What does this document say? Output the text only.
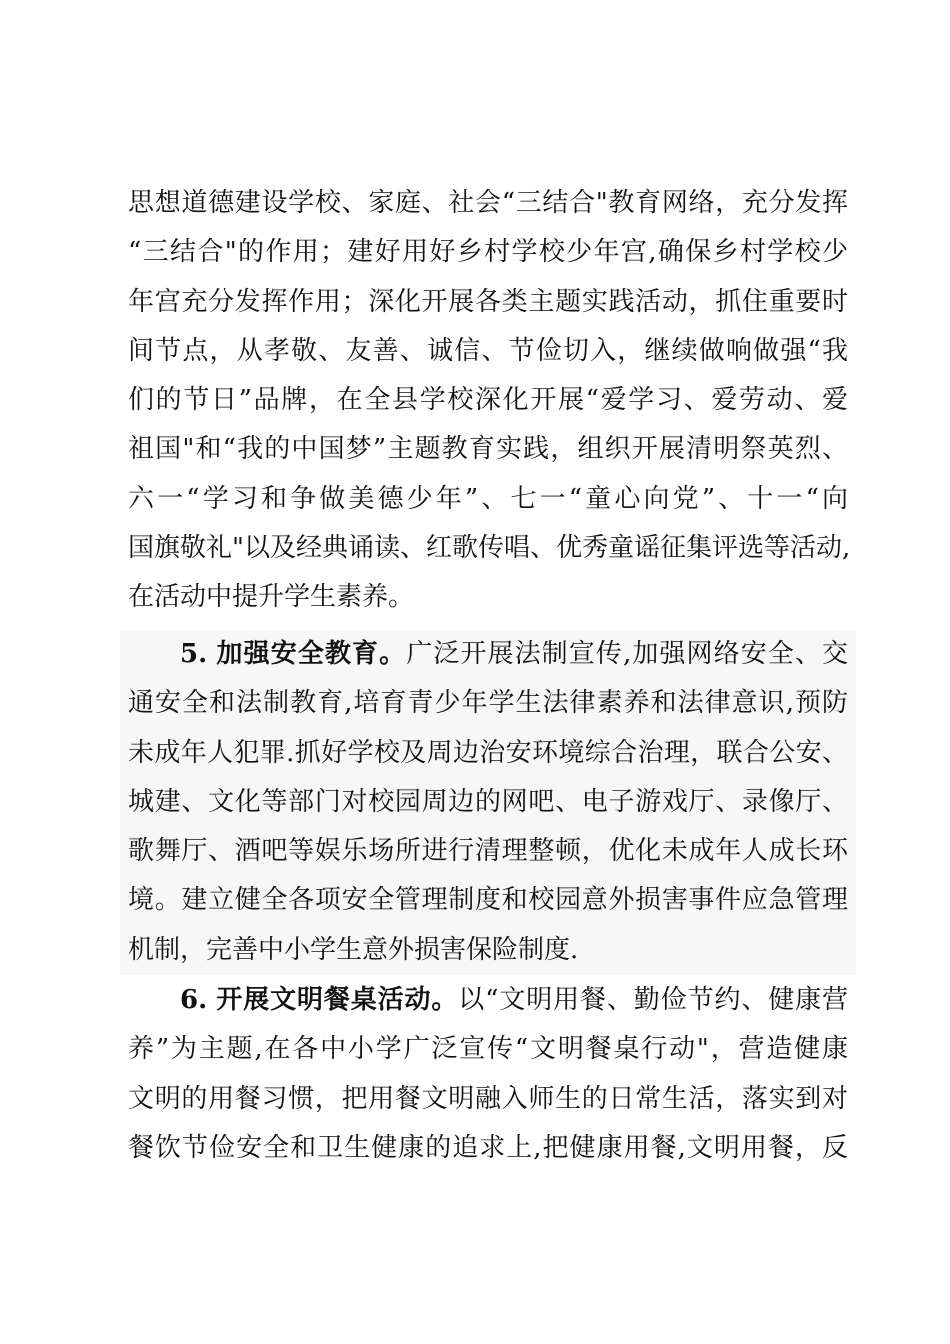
思想道德建设学校、家庭、社会“三结合"教育网络，充分发挥
“三结合"的作用；建好用好乡村学校少年宫,确保乡村学校少
年宫充分发挥作用；深化开展各类主题实践活动，抓住重要时
间节点，从孝敬、友善、诚信、节俭切入，继续做响做强“我
们的节日”品牌，在全县学校深化开展“爱学习、爱劳动、爱
祖国"和“我的中国梦”主题教育实践，组织开展清明祭英烈、
六一“学习和争做美德少年”、七一“童心向党”、十一“向
国旗敬礼"以及经典诵读、红歌传唱、优秀童谣征集评选等活动,
在活动中提升学生素养。
5. 加强安全教育。广泛开展法制宣传,加强网络安全、交
通安全和法制教育,培育青少年学生法律素养和法律意识,预防
未成年人犯罪.抓好学校及周边治安环境综合治理，联合公安、
城建、文化等部门对校园周边的网吧、电子游戏厅、录像厅、
歌舞厅、酒吧等娱乐场所进行清理整顿，优化未成年人成长环
境。建立健全各项安全管理制度和校园意外损害事件应急管理
机制，完善中小学生意外损害保险制度.
6. 开展文明餐桌活动。以“文明用餐、勤俭节约、健康营
养”为主题,在各中小学广泛宣传“文明餐桌行动"，营造健康
文明的用餐习惯，把用餐文明融入师生的日常生活，落实到对
餐饮节俭安全和卫生健康的追求上,把健康用餐,文明用餐，反
